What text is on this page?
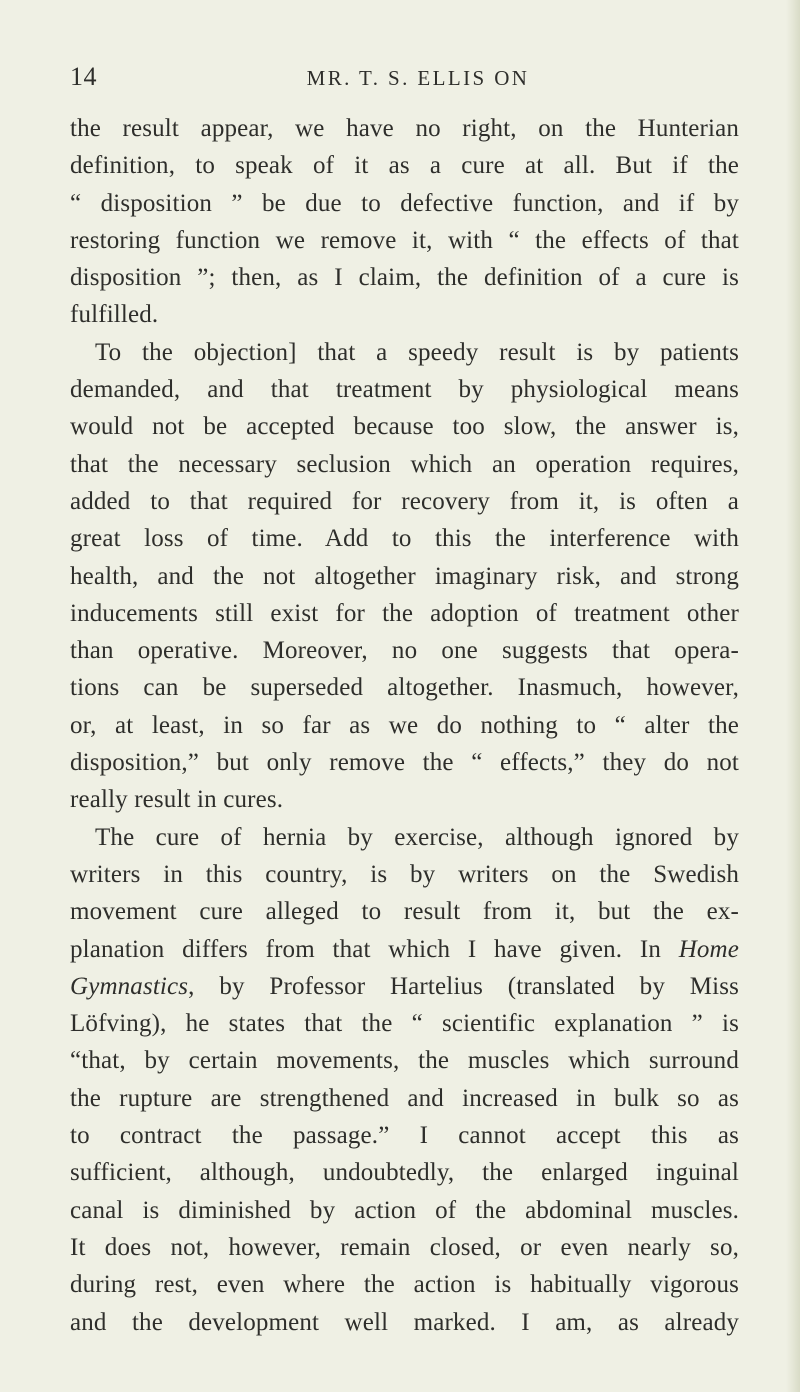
14	MR. T. S. ELLIS ON
the result appear, we have no right, on the Hunterian
definition, to speak of it as a cure at all. But if the
“ disposition ” be due to defective function, and if by
restoring function we remove it, with “ the effects of that
disposition ”; then, as I claim, the definition of a cure is
fulfilled.
To the objection] that a speedy result is by patients
demanded, and that treatment by physiological means
would not be accepted because too slow, the answer is,
that the necessary seclusion which an operation requires,
added to that required for recovery from it, is often a
great loss of time. Add to this the interference with
health, and the not altogether imaginary risk, and strong
inducements still exist for the adoption of treatment other
than operative. Moreover, no one suggests that opera-
tions can be superseded altogether. Inasmuch, however,
or, at least, in so far as we do nothing to “ alter the
disposition,” but only remove the “ effects,” they do not
really result in cures.
The cure of hernia by exercise, although ignored by
writers in this country, is by writers on the Swedish
movement cure alleged to result from it, but the ex-
planation differs from that which I have given. In Home
Gymnastics, by Professor Hartelius (translated by Miss
Löfving), he states that the “ scientific explanation ” is
“that, by certain movements, the muscles which surround
the rupture are strengthened and increased in bulk so as
to contract the passage.” I cannot accept this as
sufficient, although, undoubtedly, the enlarged inguinal
canal is diminished by action of the abdominal muscles.
It does not, however, remain closed, or even nearly so,
during rest, even where the action is habitually vigorous
and the development well marked. I am, as already
